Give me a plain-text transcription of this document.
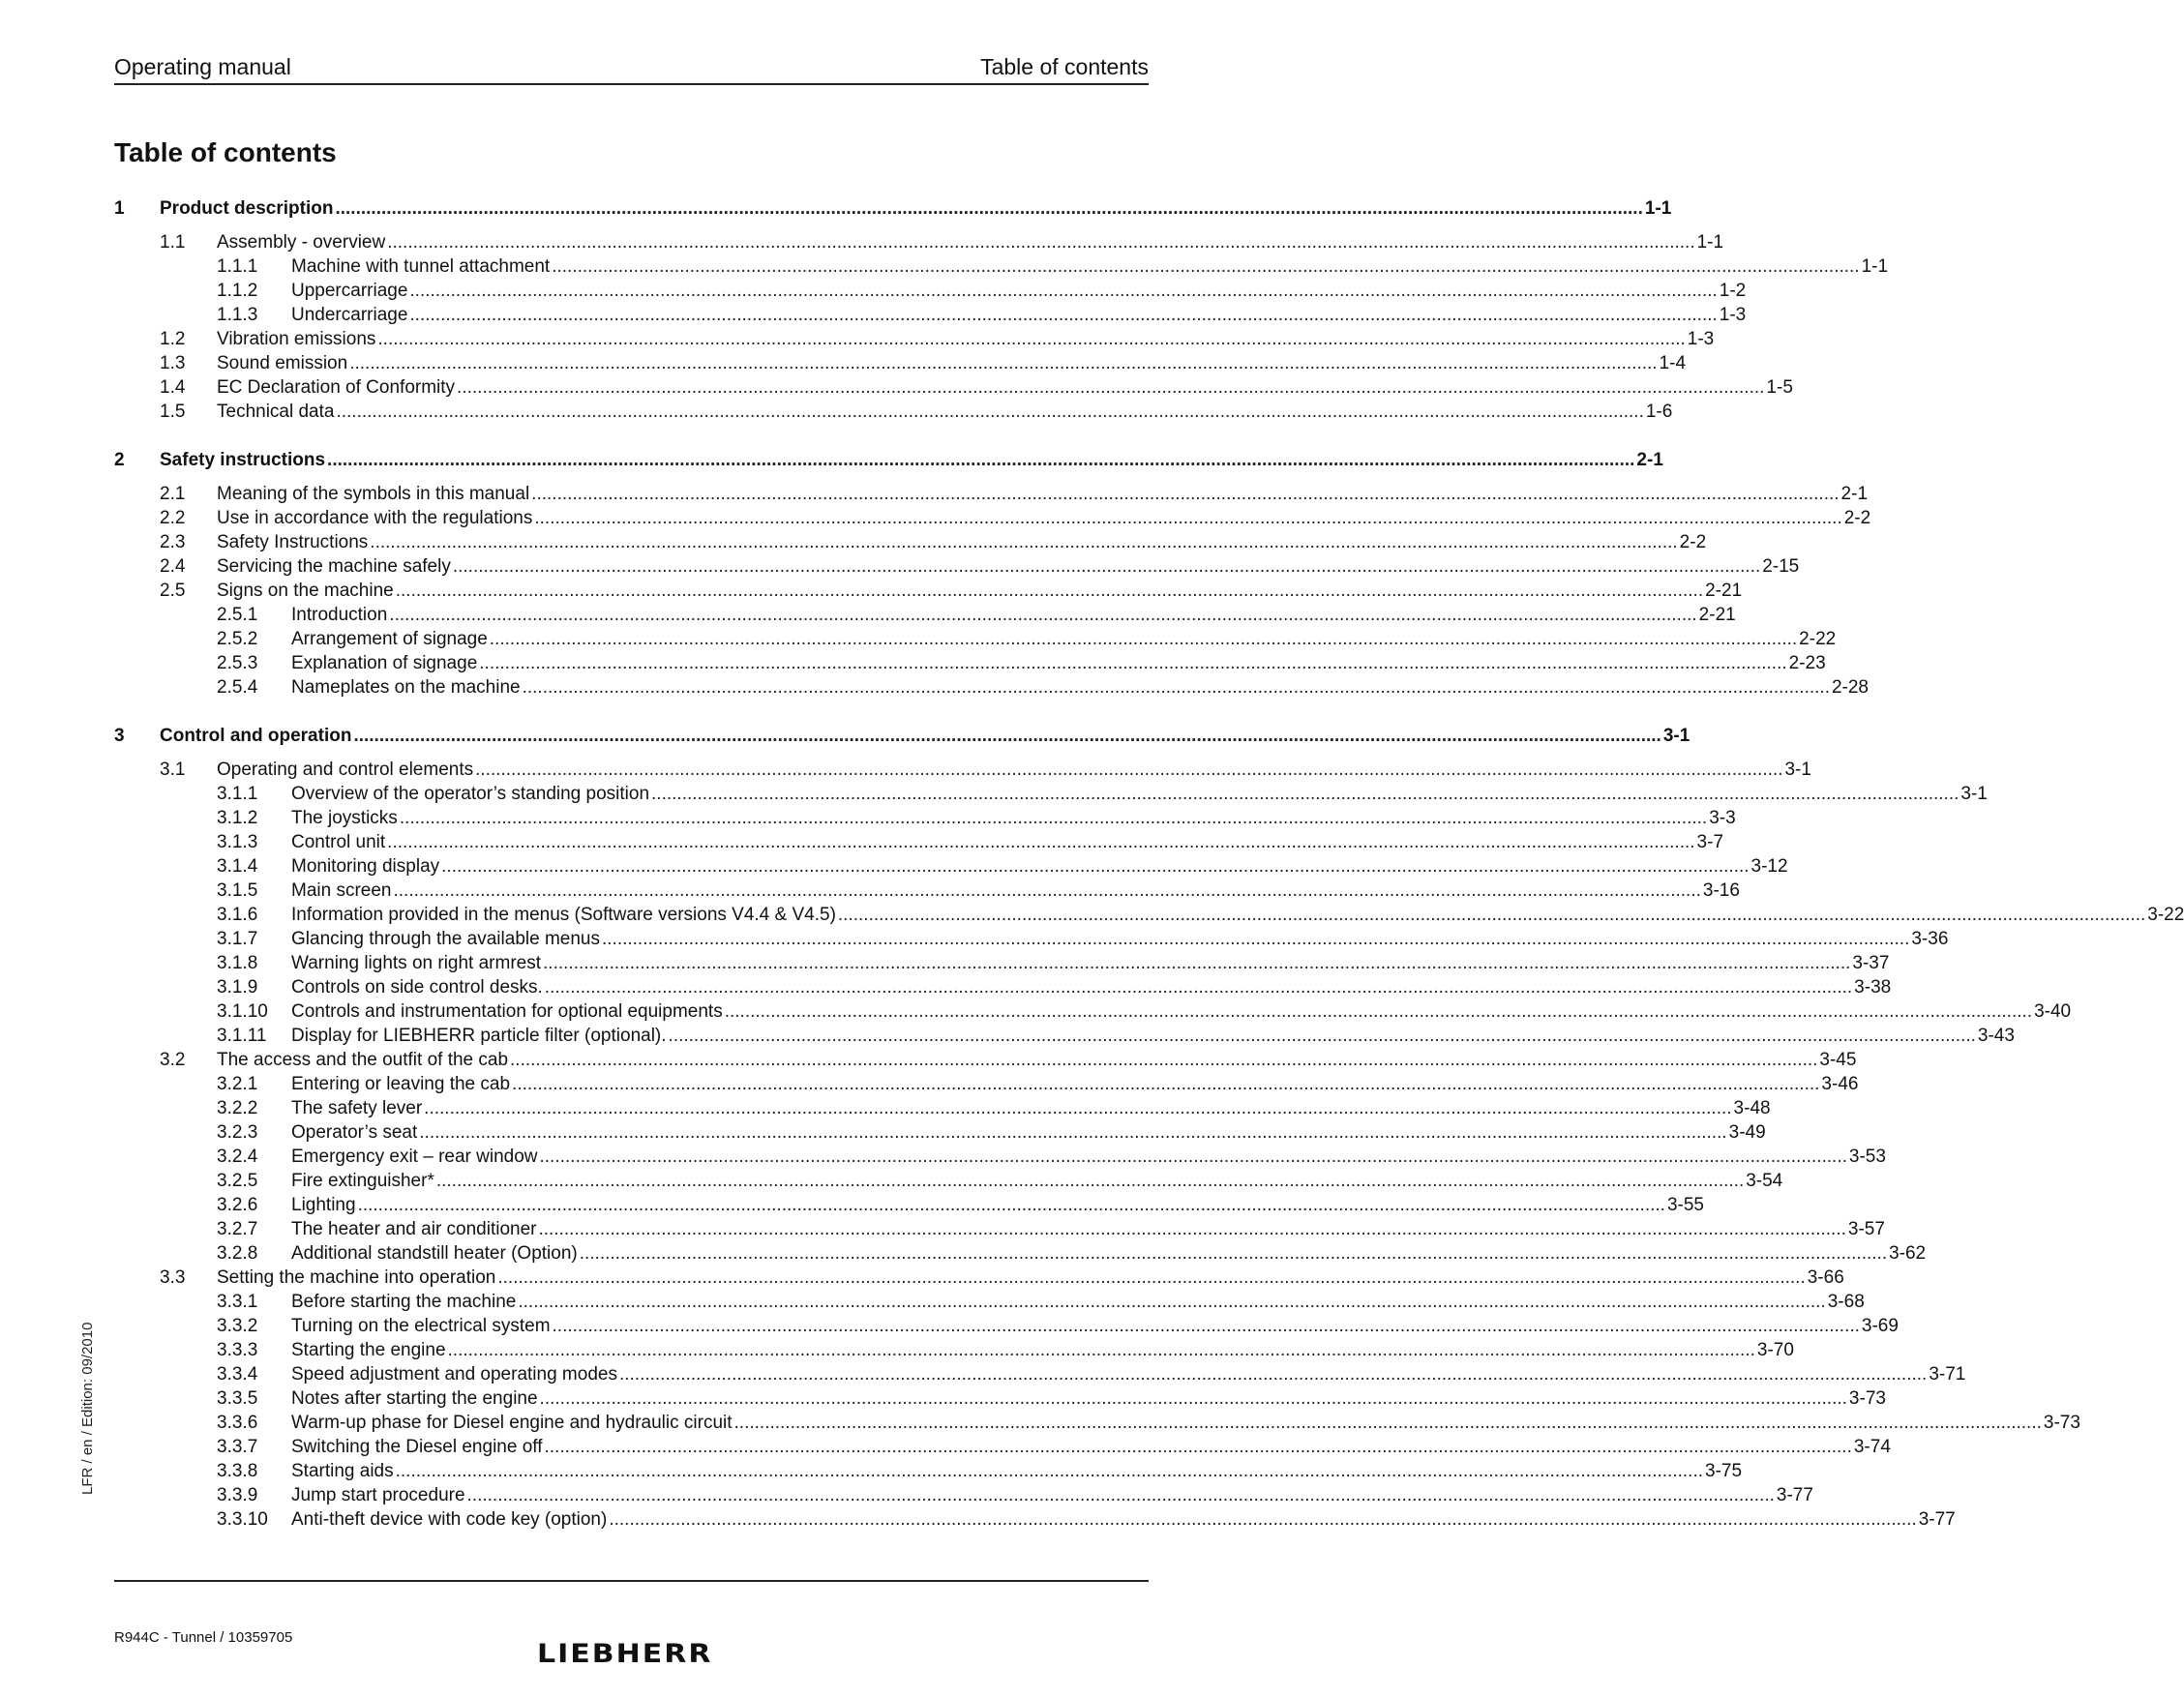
Operating manual	Table of contents
Table of contents
1	Product description .....	1-1
1.1	Assembly - overview .....	1-1
1.1.1	Machine with tunnel attachment .....	1-1
1.1.2	Uppercarriage .....	1-2
1.1.3	Undercarriage .....	1-3
1.2	Vibration emissions .....	1-3
1.3	Sound emission .....	1-4
1.4	EC Declaration of Conformity .....	1-5
1.5	Technical data .....	1-6
2	Safety instructions .....	2-1
2.1	Meaning of the symbols in this manual .....	2-1
2.2	Use in accordance with the regulations .....	2-2
2.3	Safety Instructions .....	2-2
2.4	Servicing the machine safely .....	2-15
2.5	Signs on the machine .....	2-21
2.5.1	Introduction .....	2-21
2.5.2	Arrangement of signage .....	2-22
2.5.3	Explanation of signage .....	2-23
2.5.4	Nameplates on the machine .....	2-28
3	Control and operation .....	3-1
3.1	Operating and control elements .....	3-1
3.1.1	Overview of the operator’s standing position .....	3-1
3.1.2	The joysticks .....	3-3
3.1.3	Control unit .....	3-7
3.1.4	Monitoring display .....	3-12
3.1.5	Main screen .....	3-16
3.1.6	Information provided in the menus (Software versions V4.4 & V4.5) .....	3-22
3.1.7	Glancing through the available menus .....	3-36
3.1.8	Warning lights on right armrest .....	3-37
3.1.9	Controls on side control desks. .....	3-38
3.1.10	Controls and instrumentation for optional equipments .....	3-40
3.1.11	Display for LIEBHERR particle filter (optional). .....	3-43
3.2	The access and the outfit of the cab .....	3-45
3.2.1	Entering or leaving the cab .....	3-46
3.2.2	The safety lever .....	3-48
3.2.3	Operator’s seat .....	3-49
3.2.4	Emergency exit – rear window .....	3-53
3.2.5	Fire extinguisher* .....	3-54
3.2.6	Lighting .....	3-55
3.2.7	The heater and air conditioner .....	3-57
3.2.8	Additional standstill heater (Option) .....	3-62
3.3	Setting the machine into operation .....	3-66
3.3.1	Before starting the machine .....	3-68
3.3.2	Turning on the electrical system .....	3-69
3.3.3	Starting the engine .....	3-70
3.3.4	Speed adjustment and operating modes .....	3-71
3.3.5	Notes after starting the engine .....	3-73
3.3.6	Warm-up phase for Diesel engine and hydraulic circuit .....	3-73
3.3.7	Switching the Diesel engine off .....	3-74
3.3.8	Starting aids .....	3-75
3.3.9	Jump start procedure .....	3-77
3.3.10	Anti-theft device with code key (option) .....	3-77
LFR / en / Edition: 09/2010
R944C - Tunnel / 10359705
LIEBHERR
